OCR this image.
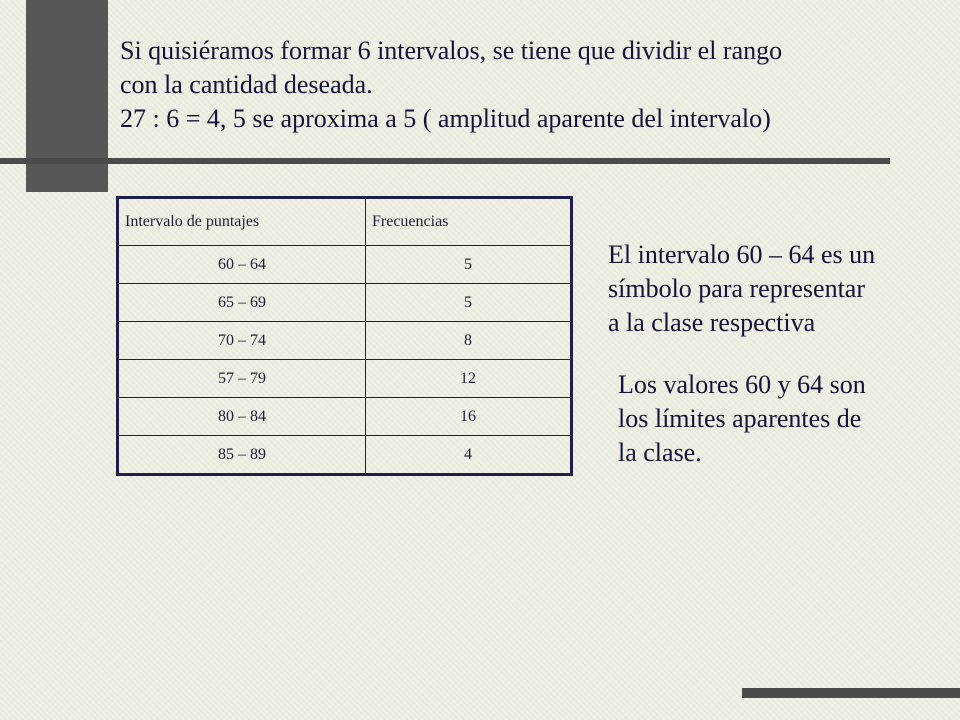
Si quisiéramos formar 6 intervalos, se tiene que dividir el rango
con la cantidad deseada.
27 : 6 = 4, 5 se aproxima a 5 ( amplitud aparente del intervalo)
Intervalo de puntajes	Frecuencias
60 – 64	5
65 – 69	5
70 – 74	8
57 – 79	12
80 – 84	16
85 – 89	4
El intervalo 60 – 64 es un
símbolo para representar
a la clase respectiva
Los valores 60 y 64 son
los límites aparentes de
la clase.
